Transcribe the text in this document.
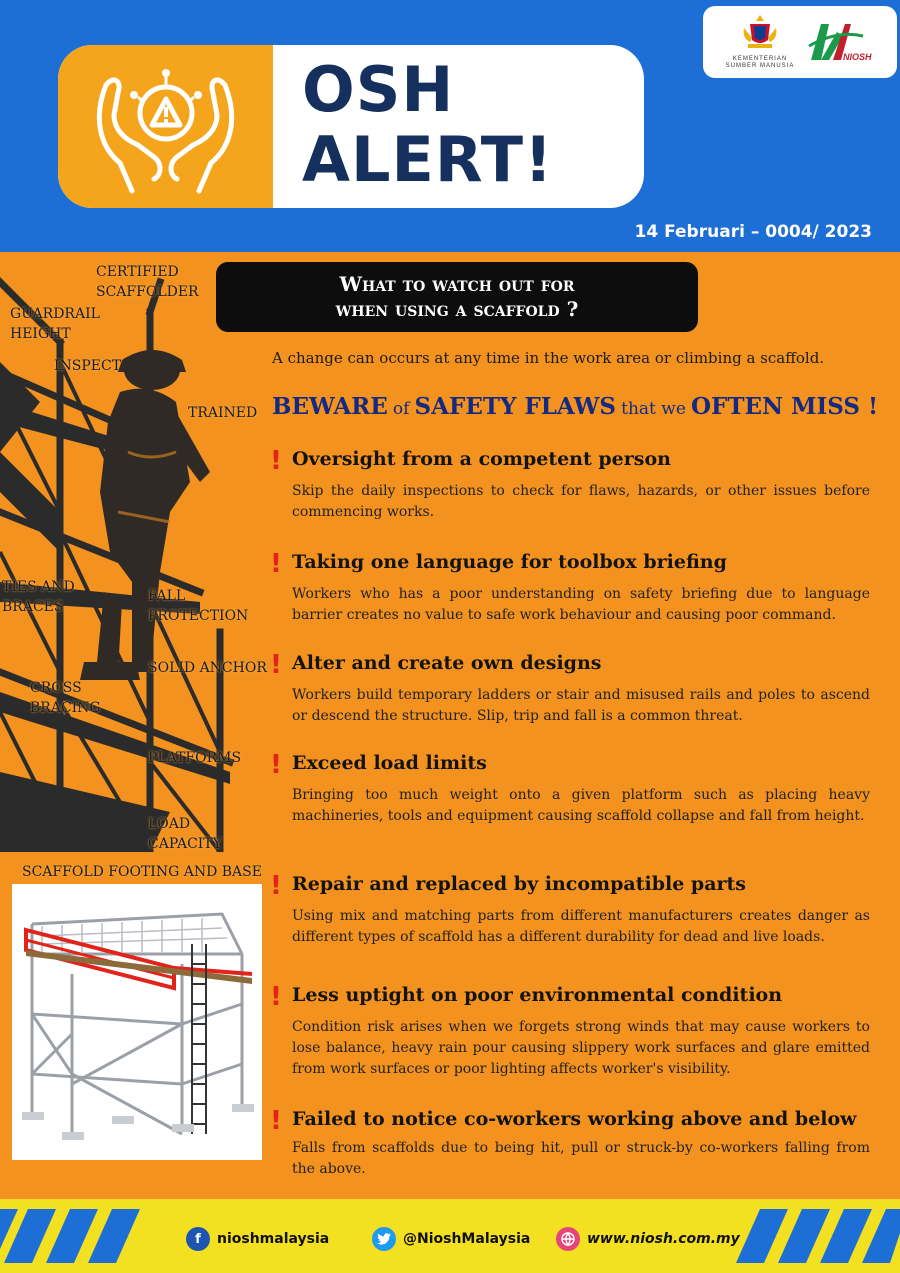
OSH
ALERT!
KEMENTERIAN SUMBER MANUSIA
NIOSH
14 Februari – 0004/ 2023
CERTIFIED SCAFFOLDER
GUARDRAIL HEIGHT
INSPECT
TRAINED
TIES AND BRACES
FALL PROTECTION
SOLID ANCHOR
CROSS BRACING
PLATFORMS
LOAD CAPACITY
SCAFFOLD FOOTING AND BASE
What to watch out for
when using a scaffold ?
A change can occurs at any time in the work area or climbing a scaffold.
BEWARE of SAFETY FLAWS that we OFTEN MISS !
! Oversight from a competent person
Skip the daily inspections to check for flaws, hazards, or other issues before commencing works.
! Taking one language for toolbox briefing
Workers who has a poor understanding on safety briefing due to language barrier creates no value to safe work behaviour and causing poor command.
! Alter and create own designs
Workers build temporary ladders or stair and misused rails and poles to ascend or descend the structure. Slip, trip and fall is a common threat.
! Exceed load limits
Bringing too much weight onto a given platform such as placing heavy machineries, tools and equipment causing scaffold collapse and fall from height.
! Repair and replaced by incompatible parts
Using mix and matching parts from different manufacturers creates danger as different types of scaffold has a different durability for dead and live loads.
! Less uptight on poor environmental condition
Condition risk arises when we forgets strong winds that may cause workers to lose balance, heavy rain pour causing slippery work surfaces and glare emitted from work surfaces or poor lighting affects worker's visibility.
! Failed to notice co-workers working above and below
Falls from scaffolds due to being hit, pull or struck-by co-workers falling from the above.
f	nioshmalaysia	@NioshMalaysia	www.niosh.com.my
